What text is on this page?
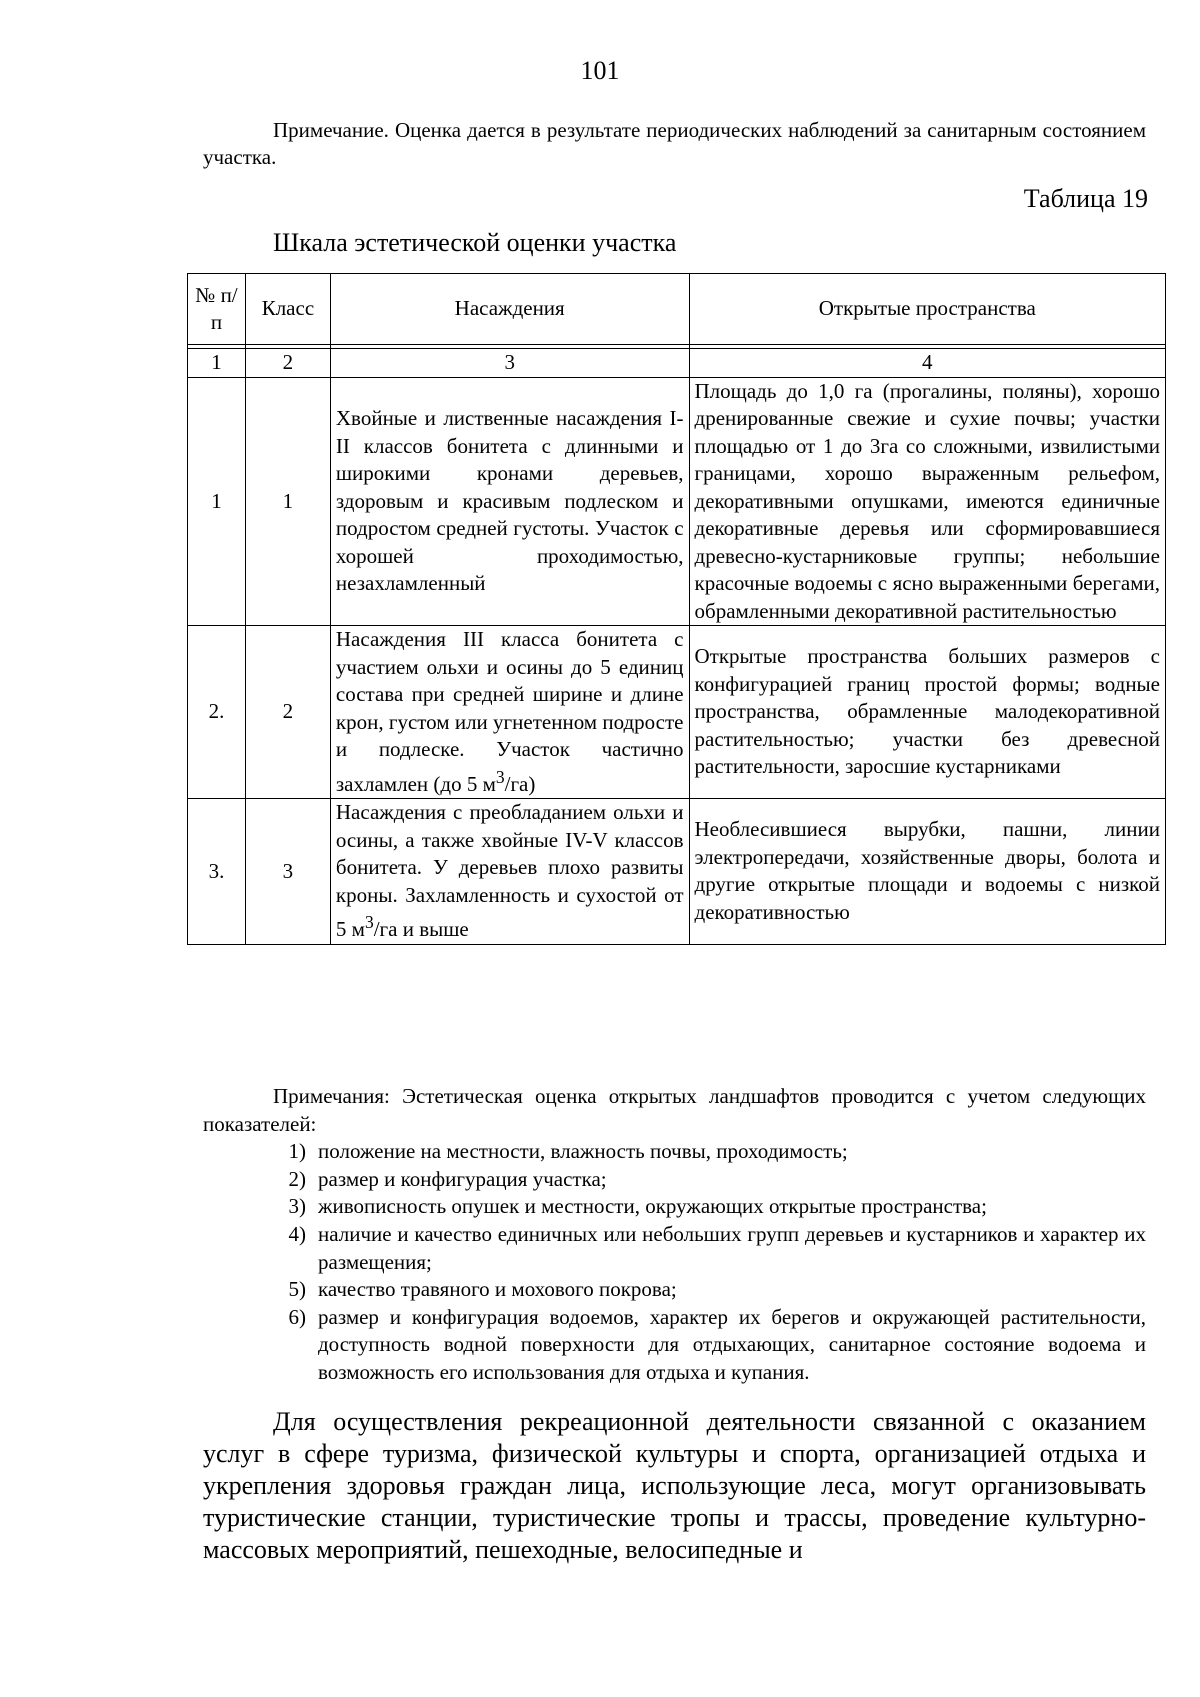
101
Примечание. Оценка дается в результате периодических наблюдений за санитарным состоянием участка.
Таблица 19
Шкала эстетической оценки участка
№ п/п	Класс	Насаждения	Открытые пространства

1	2	3	4
1	1	Хвойные и лиственные насаждения I-II классов бонитета с длинными и широкими кронами деревьев, здоровым и красивым подлеском и подростом средней густоты. Участок с хорошей проходимостью, незахламленный	Площадь до 1,0 га (прогалины, поляны), хорошо дренированные свежие и сухие почвы; участки площадью от 1 до 3га со сложными, извилистыми границами, хорошо выраженным рельефом, декоративными опушками, имеются единичные декоративные деревья или сформировавшиеся древесно-кустарниковые группы; небольшие красочные водоемы с ясно выраженными берегами, обрамленными декоративной растительностью
2.	2	Насаждения III класса бонитета с участием ольхи и осины до 5 единиц состава при средней ширине и длине крон, густом или угнетенном подросте и подлеске. Участок частично захламлен (до 5 $м^3/га$)	Открытые пространства больших размеров с конфигурацией границ простой формы; водные пространства, обрамленные малодекоративной растительностью; участки без древесной растительности, заросшие кустарниками
3.	3	Насаждения с преобладанием ольхи и осины, а также хвойные IV-V классов бонитета. У деревьев плохо развиты кроны. Захламленность и сухостой от 5 $м^3/га$ и выше	Необлесившиеся вырубки, пашни, линии электропередачи, хозяйственные дворы, болота и другие открытые площади и водоемы с низкой декоративностью
Примечания: Эстетическая оценка открытых ландшафтов проводится с учетом следующих показателей:
1) положение на местности, влажность почвы, проходимость;
2) размер и конфигурация участка;
3) живописность опушек и местности, окружающих открытые пространства;
4) наличие и качество единичных или небольших групп деревьев и кустарников и характер их размещения;
5) качество травяного и мохового покрова;
6) размер и конфигурация водоемов, характер их берегов и окружающей растительности, доступность водной поверхности для отдыхающих, санитарное состояние водоема и возможность его использования для отдыха и купания.
Для осуществления рекреационной деятельности связанной с оказанием услуг в сфере туризма, физической культуры и спорта, организацией отдыха и укрепления здоровья граждан лица, использующие леса, могут организовывать туристические станции, туристические тропы и трассы, проведение культурно-массовых мероприятий, пешеходные, велосипедные и
